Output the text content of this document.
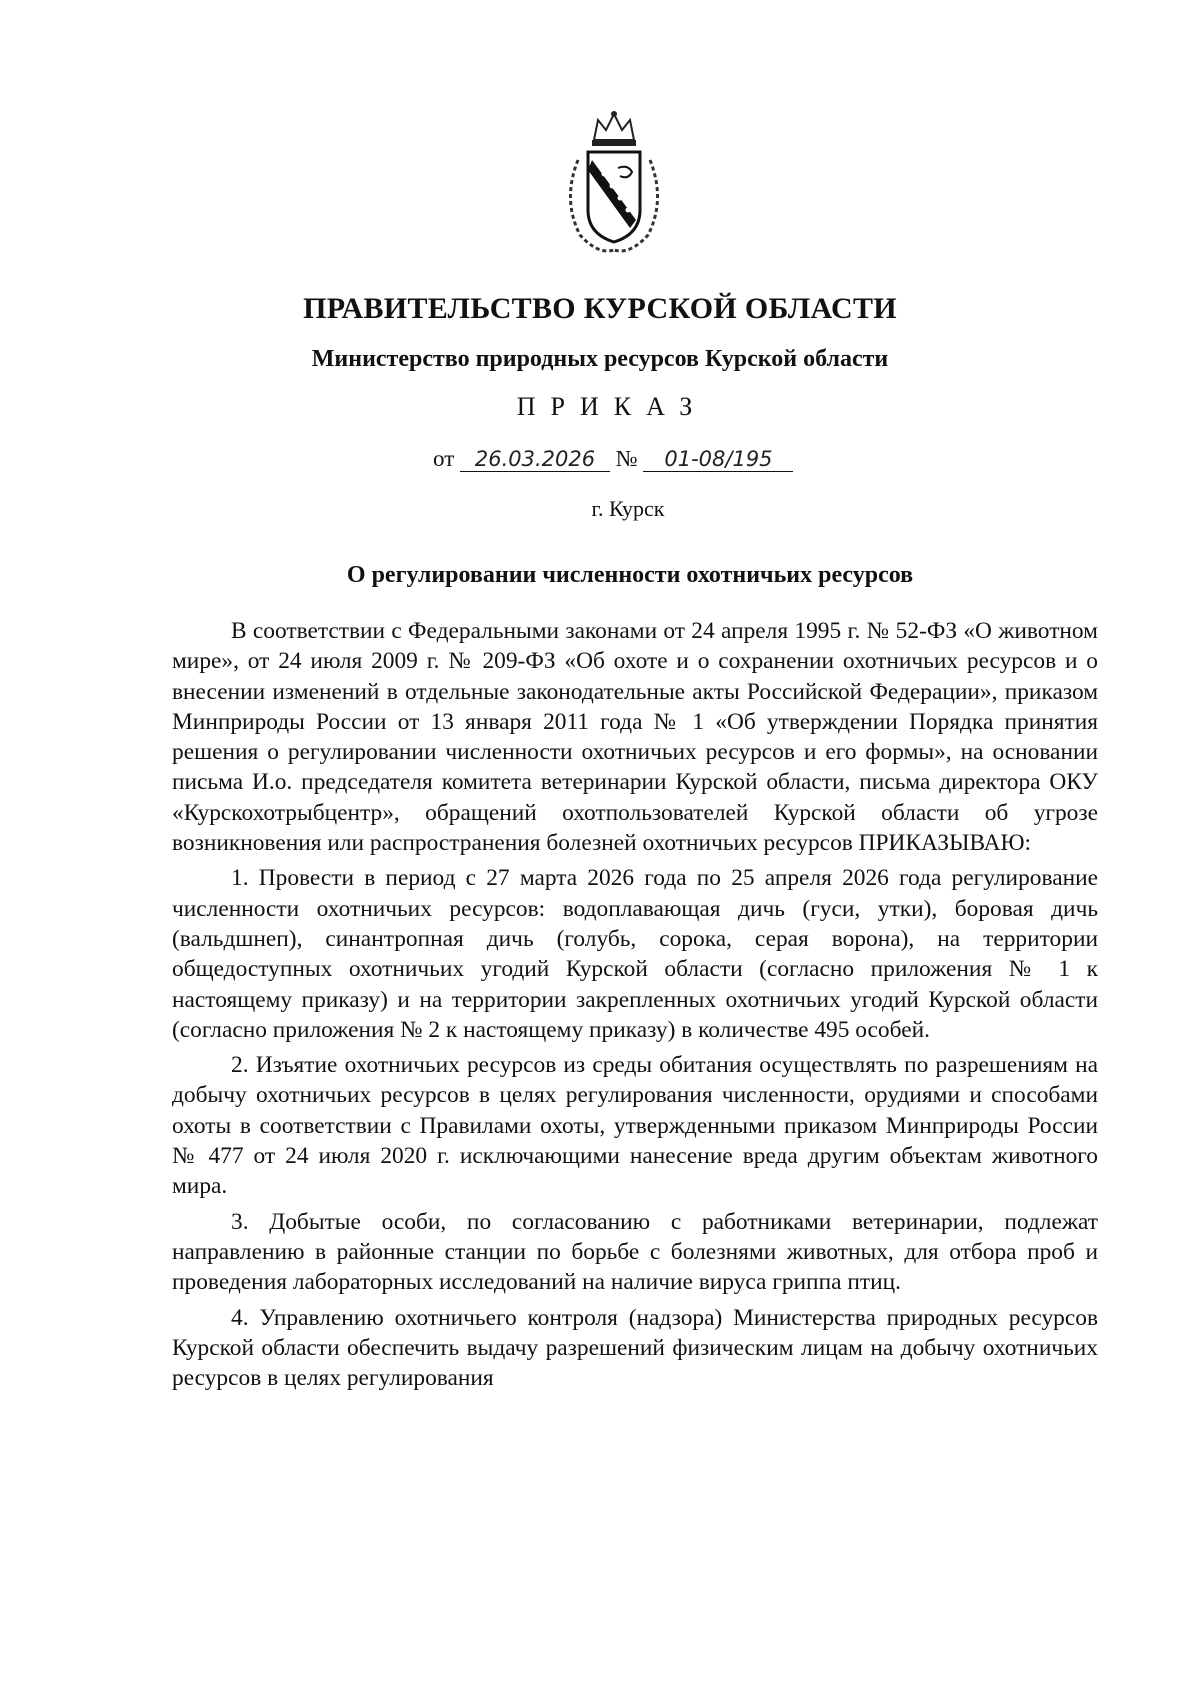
ПРАВИТЕЛЬСТВО КУРСКОЙ ОБЛАСТИ
Министерство природных ресурсов Курской области
ПРИКАЗ
от 26.03.2026 № 01-08/195
г. Курск
О регулировании численности охотничьих ресурсов

В соответствии с Федеральными законами от 24 апреля 1995 г. № 52-ФЗ «О животном мире», от 24 июля 2009 г. № 209-ФЗ «Об охоте и о сохранении охотничьих ресурсов и о внесении изменений в отдельные законодательные акты Российской Федерации», приказом Минприроды России от 13 января 2011 года № 1 «Об утверждении Порядка принятия решения о регулировании численности охотничьих ресурсов и его формы», на основании письма И.о. председателя комитета ветеринарии Курской области, письма директора ОКУ «Курскохотрыбцентр», обращений охотпользователей Курской области об угрозе возникновения или распространения болезней охотничьих ресурсов ПРИКАЗЫВАЮ:

1. Провести в период с 27 марта 2026 года по 25 апреля 2026 года регулирование численности охотничьих ресурсов: водоплавающая дичь (гуси, утки), боровая дичь (вальдшнеп), синантропная дичь (голубь, сорока, серая ворона), на территории общедоступных охотничьих угодий Курской области (согласно приложения № 1 к настоящему приказу) и на территории закрепленных охотничьих угодий Курской области (согласно приложения № 2 к настоящему приказу) в количестве 495 особей.

2. Изъятие охотничьих ресурсов из среды обитания осуществлять по разрешениям на добычу охотничьих ресурсов в целях регулирования численности, орудиями и способами охоты в соответствии с Правилами охоты, утвержденными приказом Минприроды России № 477 от 24 июля 2020 г. исключающими нанесение вреда другим объектам животного мира.

3. Добытые особи, по согласованию с работниками ветеринарии, подлежат направлению в районные станции по борьбе с болезнями животных, для отбора проб и проведения лабораторных исследований на наличие вируса гриппа птиц.

4. Управлению охотничьего контроля (надзора) Министерства природных ресурсов Курской области обеспечить выдачу разрешений физическим лицам на добычу охотничьих ресурсов в целях регулирования
